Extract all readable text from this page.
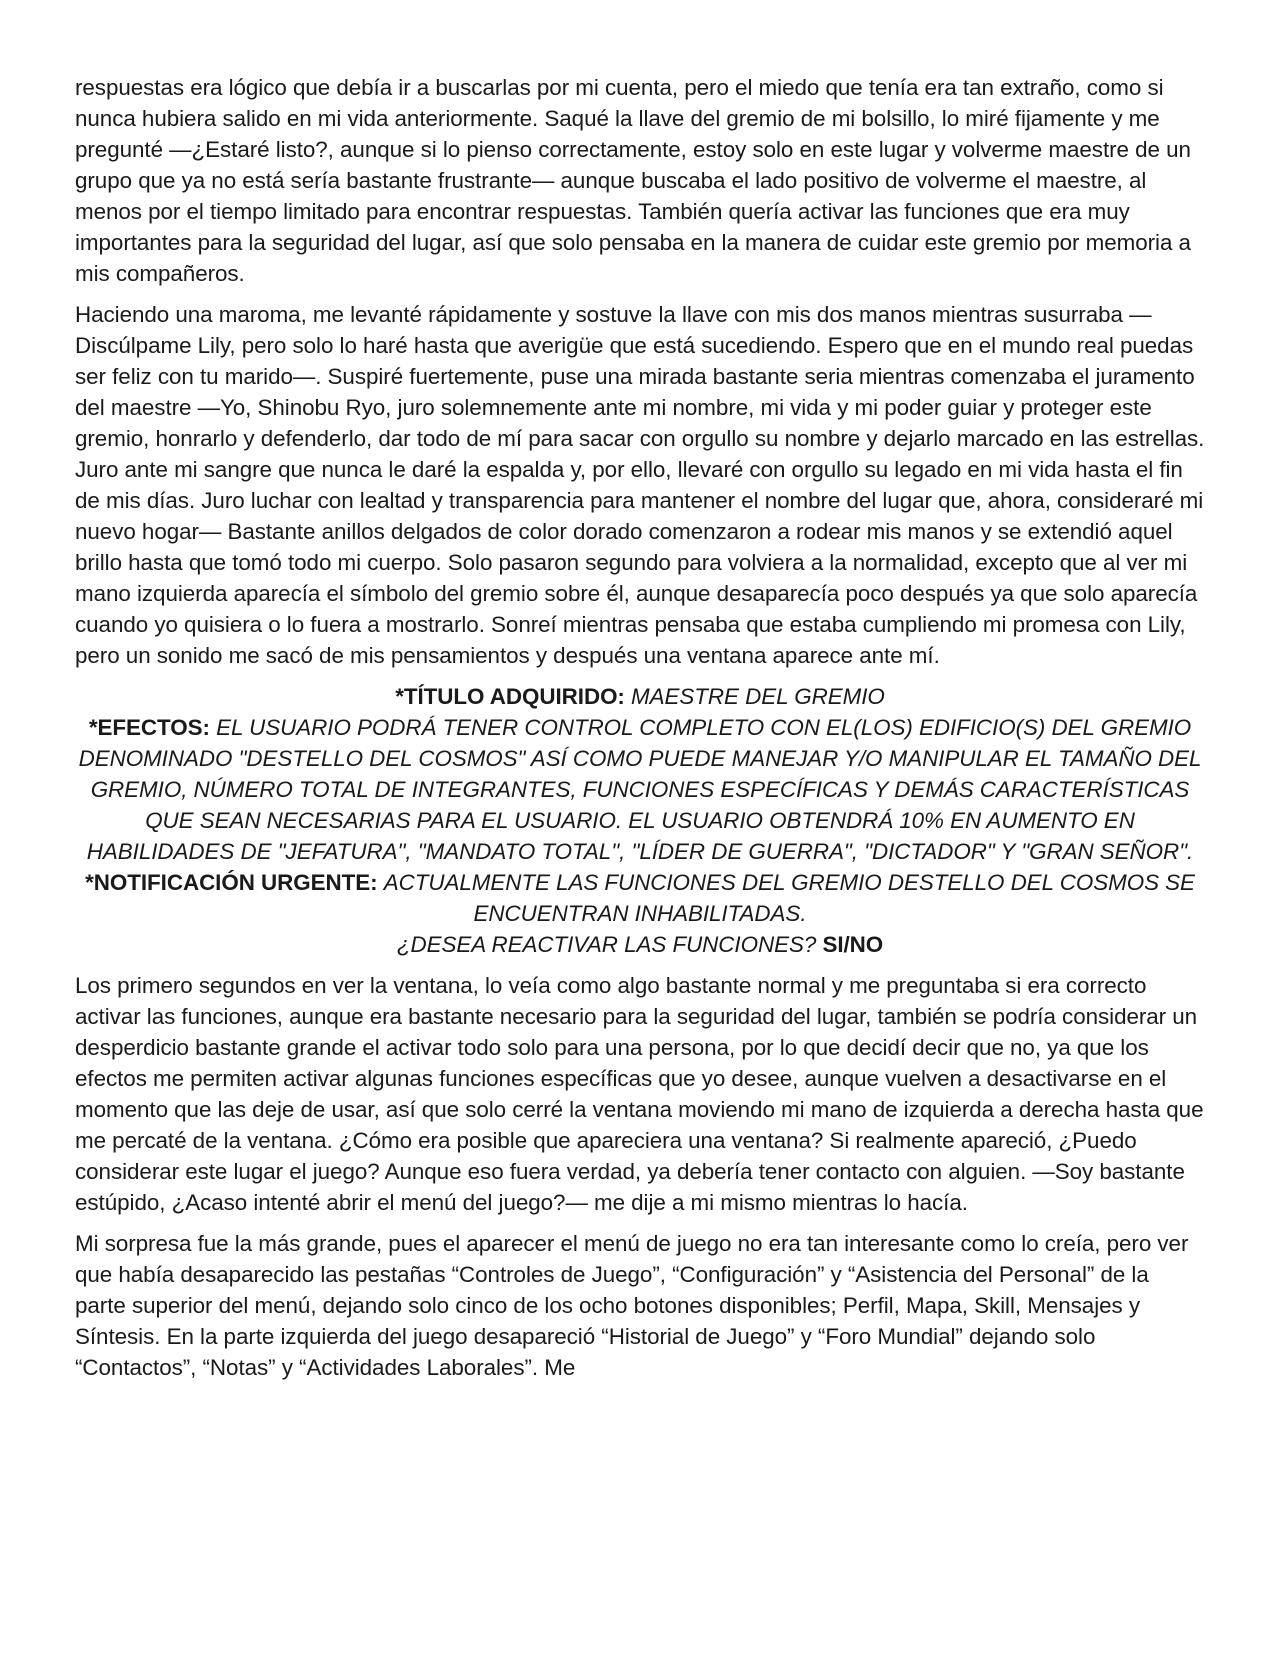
respuestas era lógico que debía ir a buscarlas por mi cuenta, pero el miedo que tenía era tan extraño, como si nunca hubiera salido en mi vida anteriormente. Saqué la llave del gremio de mi bolsillo, lo miré fijamente y me pregunté —¿Estaré listo?, aunque si lo pienso correctamente, estoy solo en este lugar y volverme maestre de un grupo que ya no está sería bastante frustrante— aunque buscaba el lado positivo de volverme el maestre, al menos por el tiempo limitado para encontrar respuestas. También quería activar las funciones que era muy importantes para la seguridad del lugar, así que solo pensaba en la manera de cuidar este gremio por memoria a mis compañeros.

Haciendo una maroma, me levanté rápidamente y sostuve la llave con mis dos manos mientras susurraba —Discúlpame Lily, pero solo lo haré hasta que averigüe que está sucediendo. Espero que en el mundo real puedas ser feliz con tu marido—. Suspiré fuertemente, puse una mirada bastante seria mientras comenzaba el juramento del maestre —Yo, Shinobu Ryo, juro solemnemente ante mi nombre, mi vida y mi poder guiar y proteger este gremio, honrarlo y defenderlo, dar todo de mí para sacar con orgullo su nombre y dejarlo marcado en las estrellas. Juro ante mi sangre que nunca le daré la espalda y, por ello, llevaré con orgullo su legado en mi vida hasta el fin de mis días. Juro luchar con lealtad y transparencia para mantener el nombre del lugar que, ahora, consideraré mi nuevo hogar— Bastante anillos delgados de color dorado comenzaron a rodear mis manos y se extendió aquel brillo hasta que tomó todo mi cuerpo. Solo pasaron segundo para volviera a la normalidad, excepto que al ver mi mano izquierda aparecía el símbolo del gremio sobre él, aunque desaparecía poco después ya que solo aparecía cuando yo quisiera o lo fuera a mostrarlo. Sonreí mientras pensaba que estaba cumpliendo mi promesa con Lily, pero un sonido me sacó de mis pensamientos y después una ventana aparece ante mí.

*TÍTULO ADQUIRIDO: MAESTRE DEL GREMIO
*EFECTOS: EL USUARIO PODRÁ TENER CONTROL COMPLETO CON EL(LOS) EDIFICIO(S) DEL GREMIO DENOMINADO "DESTELLO DEL COSMOS" ASÍ COMO PUEDE MANEJAR Y/O MANIPULAR EL TAMAÑO DEL GREMIO, NÚMERO TOTAL DE INTEGRANTES, FUNCIONES ESPECÍFICAS Y DEMÁS CARACTERÍSTICAS QUE SEAN NECESARIAS PARA EL USUARIO. EL USUARIO OBTENDRÁ 10% EN AUMENTO EN HABILIDADES DE "JEFATURA", "MANDATO TOTAL", "LÍDER DE GUERRA", "DICTADOR" Y "GRAN SEÑOR".
*NOTIFICACIÓN URGENTE: ACTUALMENTE LAS FUNCIONES DEL GREMIO DESTELLO DEL COSMOS SE ENCUENTRAN INHABILITADAS.
¿DESEA REACTIVAR LAS FUNCIONES? SI/NO

Los primero segundos en ver la ventana, lo veía como algo bastante normal y me preguntaba si era correcto activar las funciones, aunque era bastante necesario para la seguridad del lugar, también se podría considerar un desperdicio bastante grande el activar todo solo para una persona, por lo que decidí decir que no, ya que los efectos me permiten activar algunas funciones específicas que yo desee, aunque vuelven a desactivarse en el momento que las deje de usar, así que solo cerré la ventana moviendo mi mano de izquierda a derecha hasta que me percaté de la ventana. ¿Cómo era posible que apareciera una ventana? Si realmente apareció, ¿Puedo considerar este lugar el juego? Aunque eso fuera verdad, ya debería tener contacto con alguien. —Soy bastante estúpido, ¿Acaso intenté abrir el menú del juego?— me dije a mi mismo mientras lo hacía.

Mi sorpresa fue la más grande, pues el aparecer el menú de juego no era tan interesante como lo creía, pero ver que había desaparecido las pestañas “Controles de Juego”, “Configuración” y “Asistencia del Personal” de la parte superior del menú, dejando solo cinco de los ocho botones disponibles; Perfil, Mapa, Skill, Mensajes y Síntesis. En la parte izquierda del juego desapareció “Historial de Juego” y “Foro Mundial” dejando solo “Contactos”, “Notas” y “Actividades Laborales”. Me
